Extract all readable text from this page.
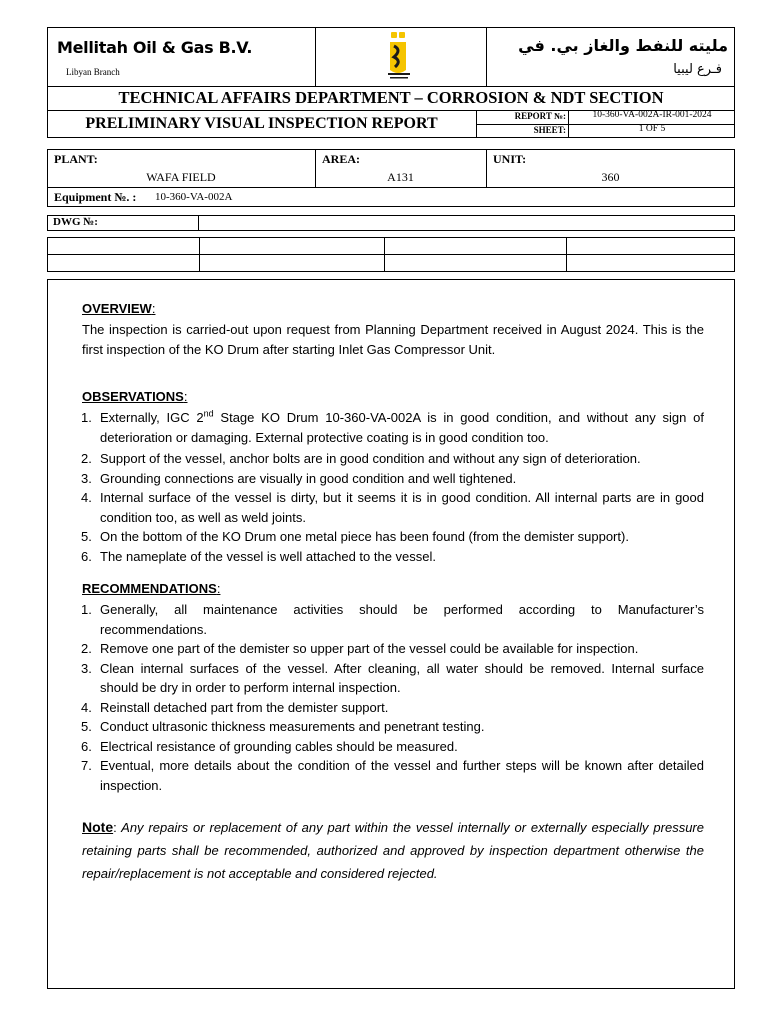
Mellitah Oil & Gas B.V.
Libyan Branch
مليته للنفط والغاز بي. في
فـرع ليبيا
TECHNICAL AFFAIRS DEPARTMENT – CORROSION & NDT SECTION
PRELIMINARY VISUAL INSPECTION REPORT	REPORT №:	10-360-VA-002A-IR-001-2024
SHEET:	1 OF 5
PLANT:
WAFA FIELD
AREA:
A131
UNIT:
360
Equipment №. : 10-360-VA-002A
DWG №:
OVERVIEW:
The inspection is carried-out upon request from Planning Department received in August 2024. This is the first inspection of the KO Drum after starting Inlet Gas Compressor Unit.
OBSERVATIONS:
1. Externally, IGC 2nd Stage KO Drum 10-360-VA-002A is in good condition, and without any sign of deterioration or damaging. External protective coating is in good condition too.
2. Support of the vessel, anchor bolts are in good condition and without any sign of deterioration.
3. Grounding connections are visually in good condition and well tightened.
4. Internal surface of the vessel is dirty, but it seems it is in good condition. All internal parts are in good condition too, as well as weld joints.
5. On the bottom of the KO Drum one metal piece has been found (from the demister support).
6. The nameplate of the vessel is well attached to the vessel.
RECOMMENDATIONS:
1. Generally, all maintenance activities should be performed according to Manufacturer’s recommendations.
2. Remove one part of the demister so upper part of the vessel could be available for inspection.
3. Clean internal surfaces of the vessel. After cleaning, all water should be removed. Internal surface should be dry in order to perform internal inspection.
4. Reinstall detached part from the demister support.
5. Conduct ultrasonic thickness measurements and penetrant testing.
6. Electrical resistance of grounding cables should be measured.
7. Eventual, more details about the condition of the vessel and further steps will be known after detailed inspection.
Note: Any repairs or replacement of any part within the vessel internally or externally especially pressure retaining parts shall be recommended, authorized and approved by inspection department otherwise the repair/replacement is not acceptable and considered rejected.
